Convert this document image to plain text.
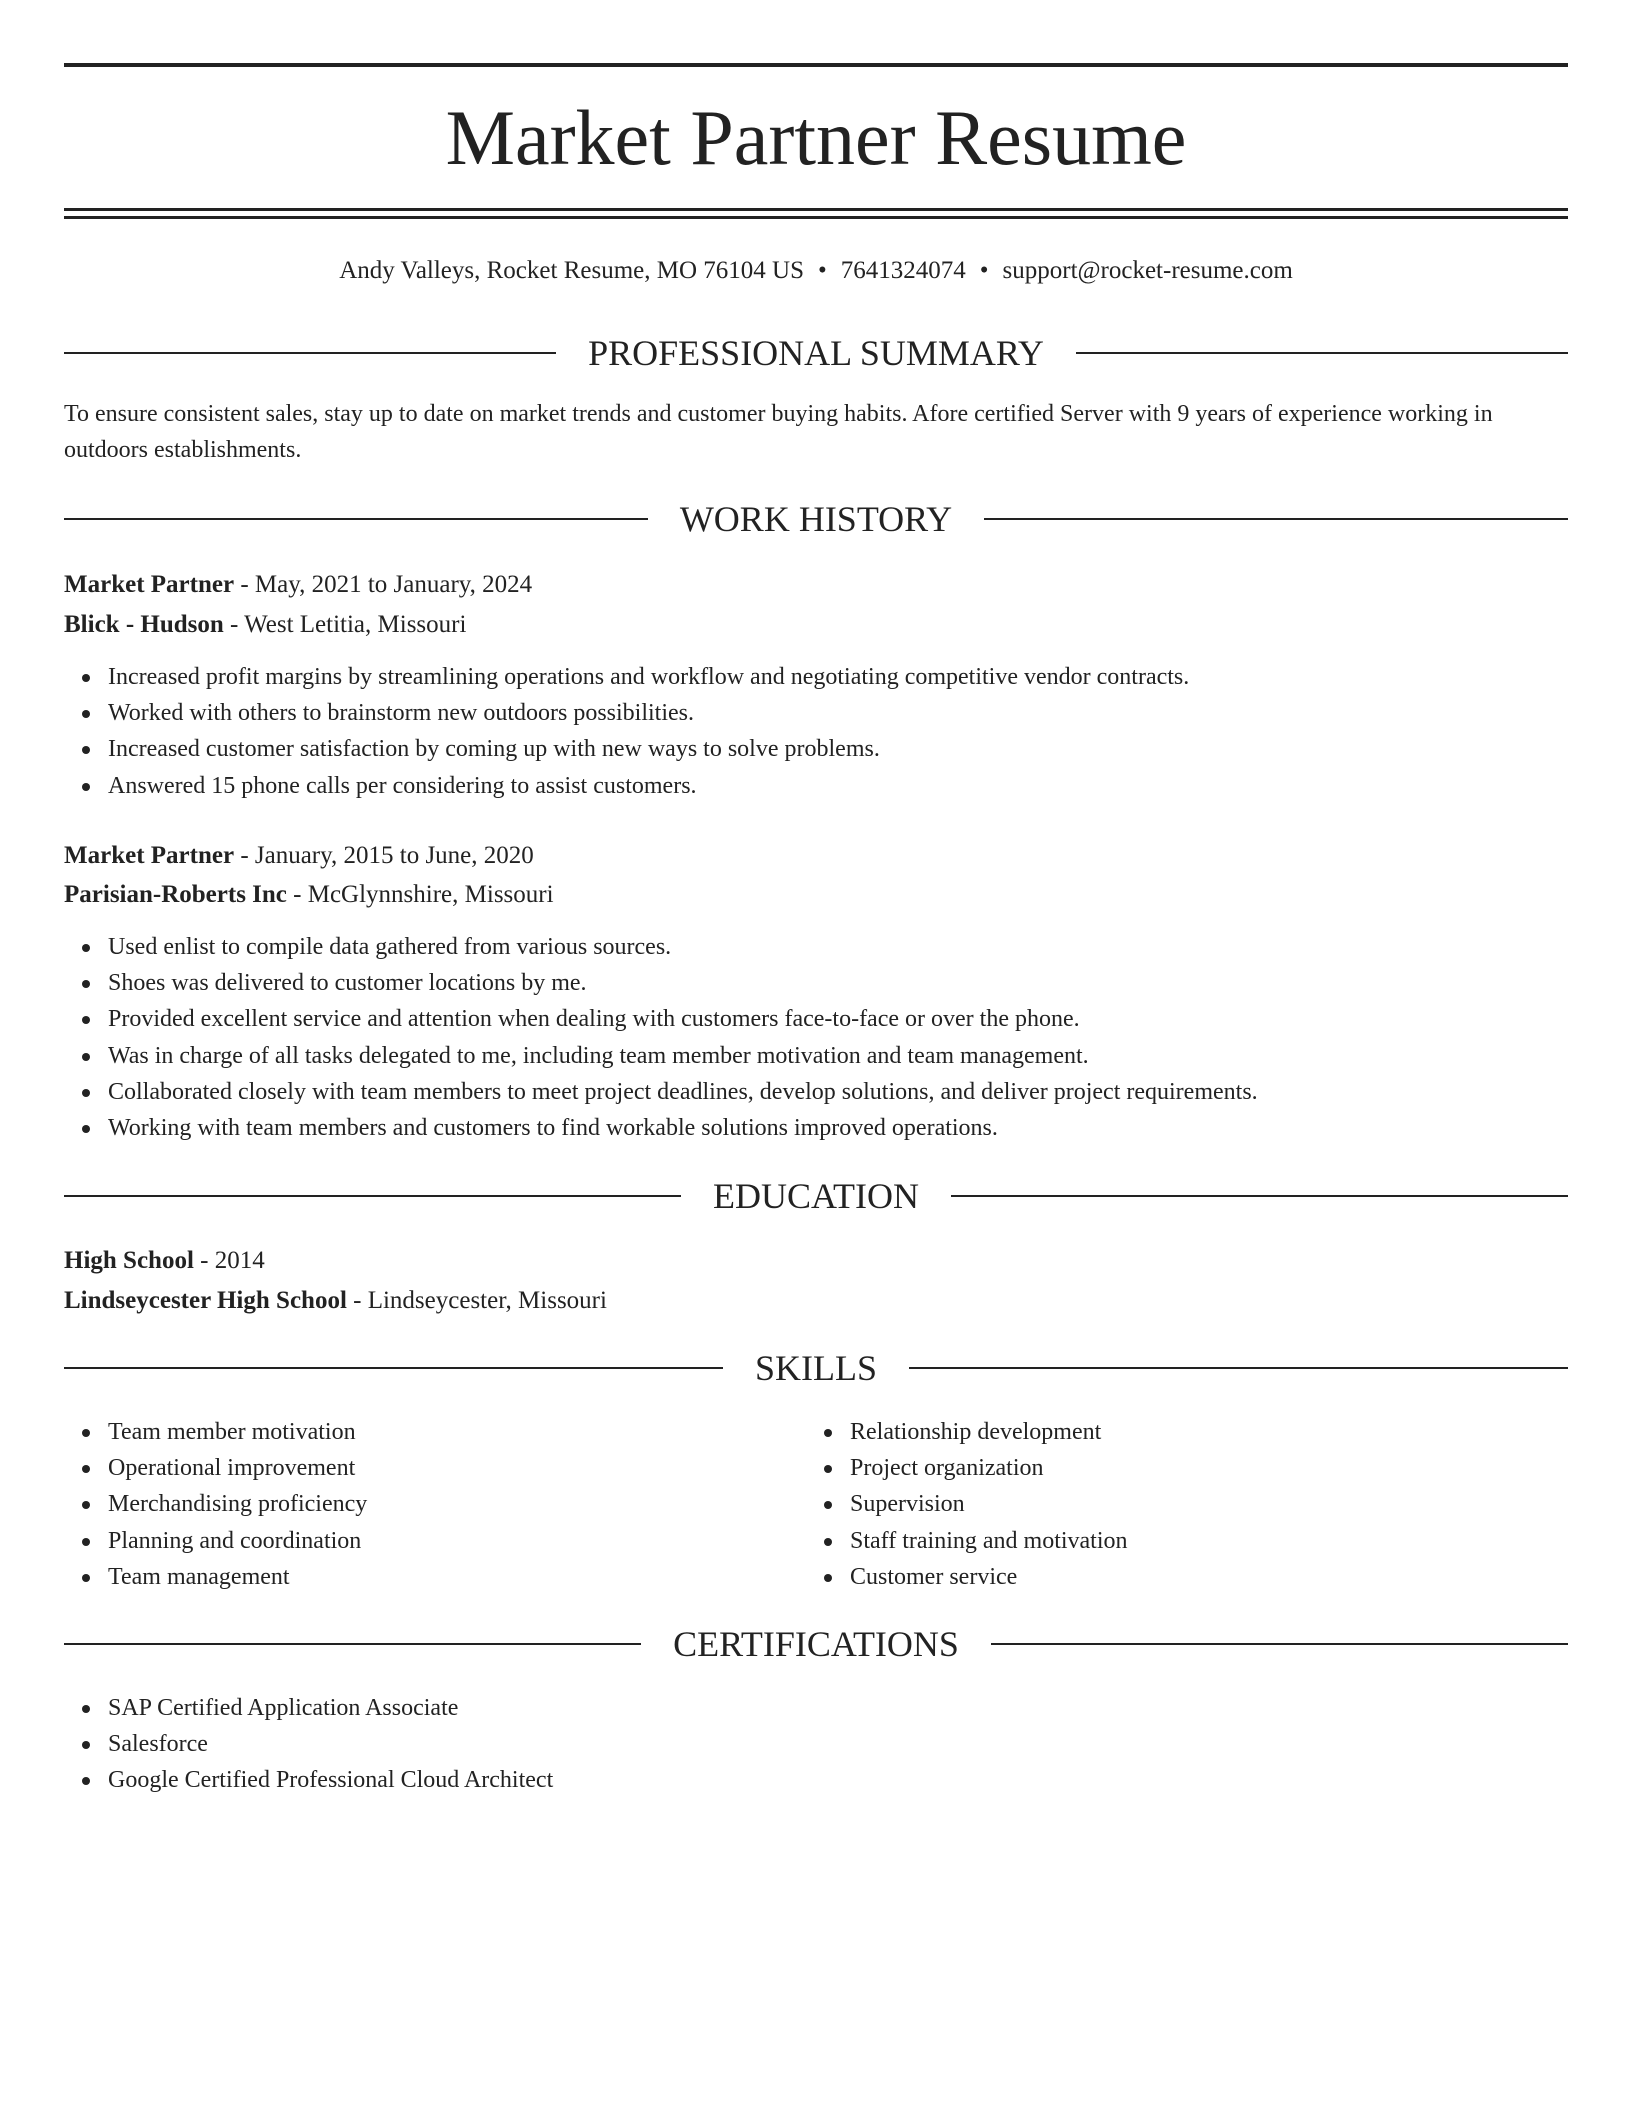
Market Partner Resume
Andy Valleys, Rocket Resume, MO 76104 US • 7641324074 • support@rocket-resume.com
PROFESSIONAL SUMMARY
To ensure consistent sales, stay up to date on market trends and customer buying habits. Afore certified Server with 9 years of experience working in outdoors establishments.
WORK HISTORY
Market Partner - May, 2021 to January, 2024
Blick - Hudson - West Letitia, Missouri
Increased profit margins by streamlining operations and workflow and negotiating competitive vendor contracts.
Worked with others to brainstorm new outdoors possibilities.
Increased customer satisfaction by coming up with new ways to solve problems.
Answered 15 phone calls per considering to assist customers.
Market Partner - January, 2015 to June, 2020
Parisian-Roberts Inc - McGlynnshire, Missouri
Used enlist to compile data gathered from various sources.
Shoes was delivered to customer locations by me.
Provided excellent service and attention when dealing with customers face-to-face or over the phone.
Was in charge of all tasks delegated to me, including team member motivation and team management.
Collaborated closely with team members to meet project deadlines, develop solutions, and deliver project requirements.
Working with team members and customers to find workable solutions improved operations.
EDUCATION
High School - 2014
Lindseycester High School - Lindseycester, Missouri
SKILLS
Team member motivation
Operational improvement
Merchandising proficiency
Planning and coordination
Team management
Relationship development
Project organization
Supervision
Staff training and motivation
Customer service
CERTIFICATIONS
SAP Certified Application Associate
Salesforce
Google Certified Professional Cloud Architect
